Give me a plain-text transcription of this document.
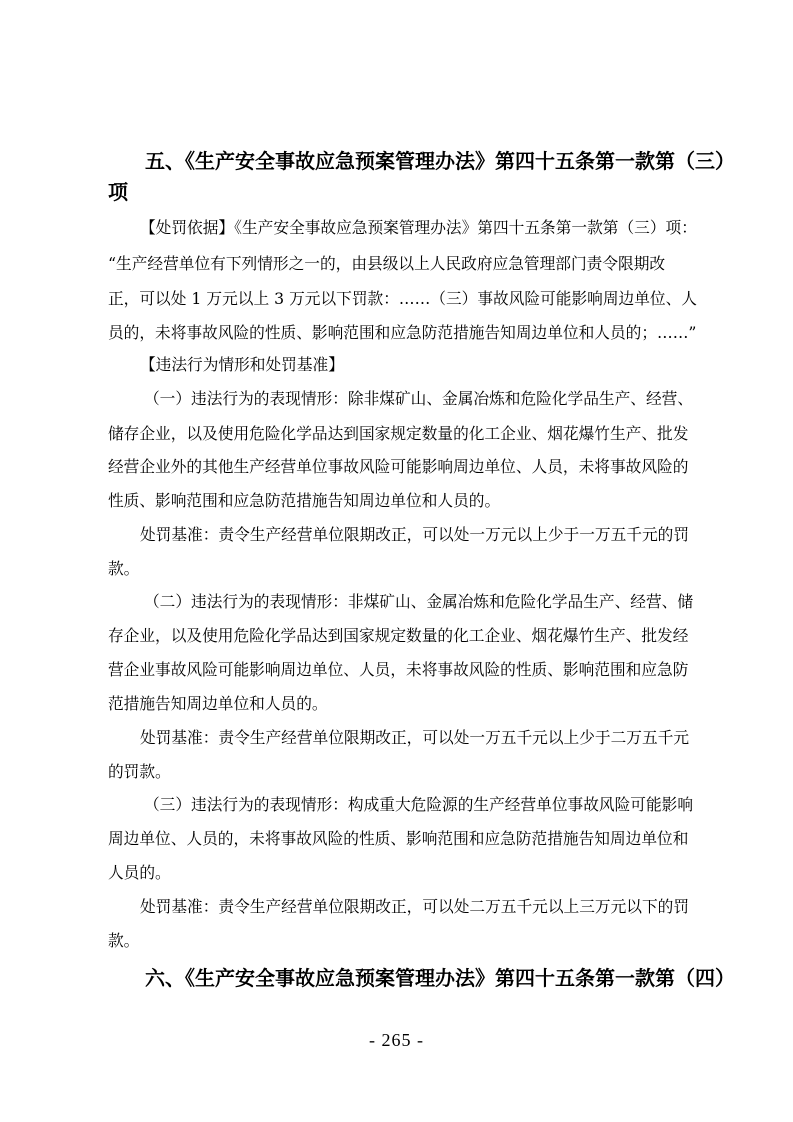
五、《生产安全事故应急预案管理办法》第四十五条第一款第（三）
项
【处罚依据】《生产安全事故应急预案管理办法》第四十五条第一款第（三）项：
“生产经营单位有下列情形之一的，由县级以上人民政府应急管理部门责令限期改
正，可以处 1 万元以上 3 万元以下罚款：……（三）事故风险可能影响周边单位、人
员的，未将事故风险的性质、影响范围和应急防范措施告知周边单位和人员的；……”
【违法行为情形和处罚基准】
（一）违法行为的表现情形：除非煤矿山、金属冶炼和危险化学品生产、经营、
储存企业，以及使用危险化学品达到国家规定数量的化工企业、烟花爆竹生产、批发
经营企业外的其他生产经营单位事故风险可能影响周边单位、人员，未将事故风险的
性质、影响范围和应急防范措施告知周边单位和人员的。
处罚基准：责令生产经营单位限期改正，可以处一万元以上少于一万五千元的罚
款。
（二）违法行为的表现情形：非煤矿山、金属冶炼和危险化学品生产、经营、储
存企业，以及使用危险化学品达到国家规定数量的化工企业、烟花爆竹生产、批发经
营企业事故风险可能影响周边单位、人员，未将事故风险的性质、影响范围和应急防
范措施告知周边单位和人员的。
处罚基准：责令生产经营单位限期改正，可以处一万五千元以上少于二万五千元
的罚款。
（三）违法行为的表现情形：构成重大危险源的生产经营单位事故风险可能影响
周边单位、人员的，未将事故风险的性质、影响范围和应急防范措施告知周边单位和
人员的。
处罚基准：责令生产经营单位限期改正，可以处二万五千元以上三万元以下的罚
款。
六、《生产安全事故应急预案管理办法》第四十五条第一款第（四）
- 265 -
